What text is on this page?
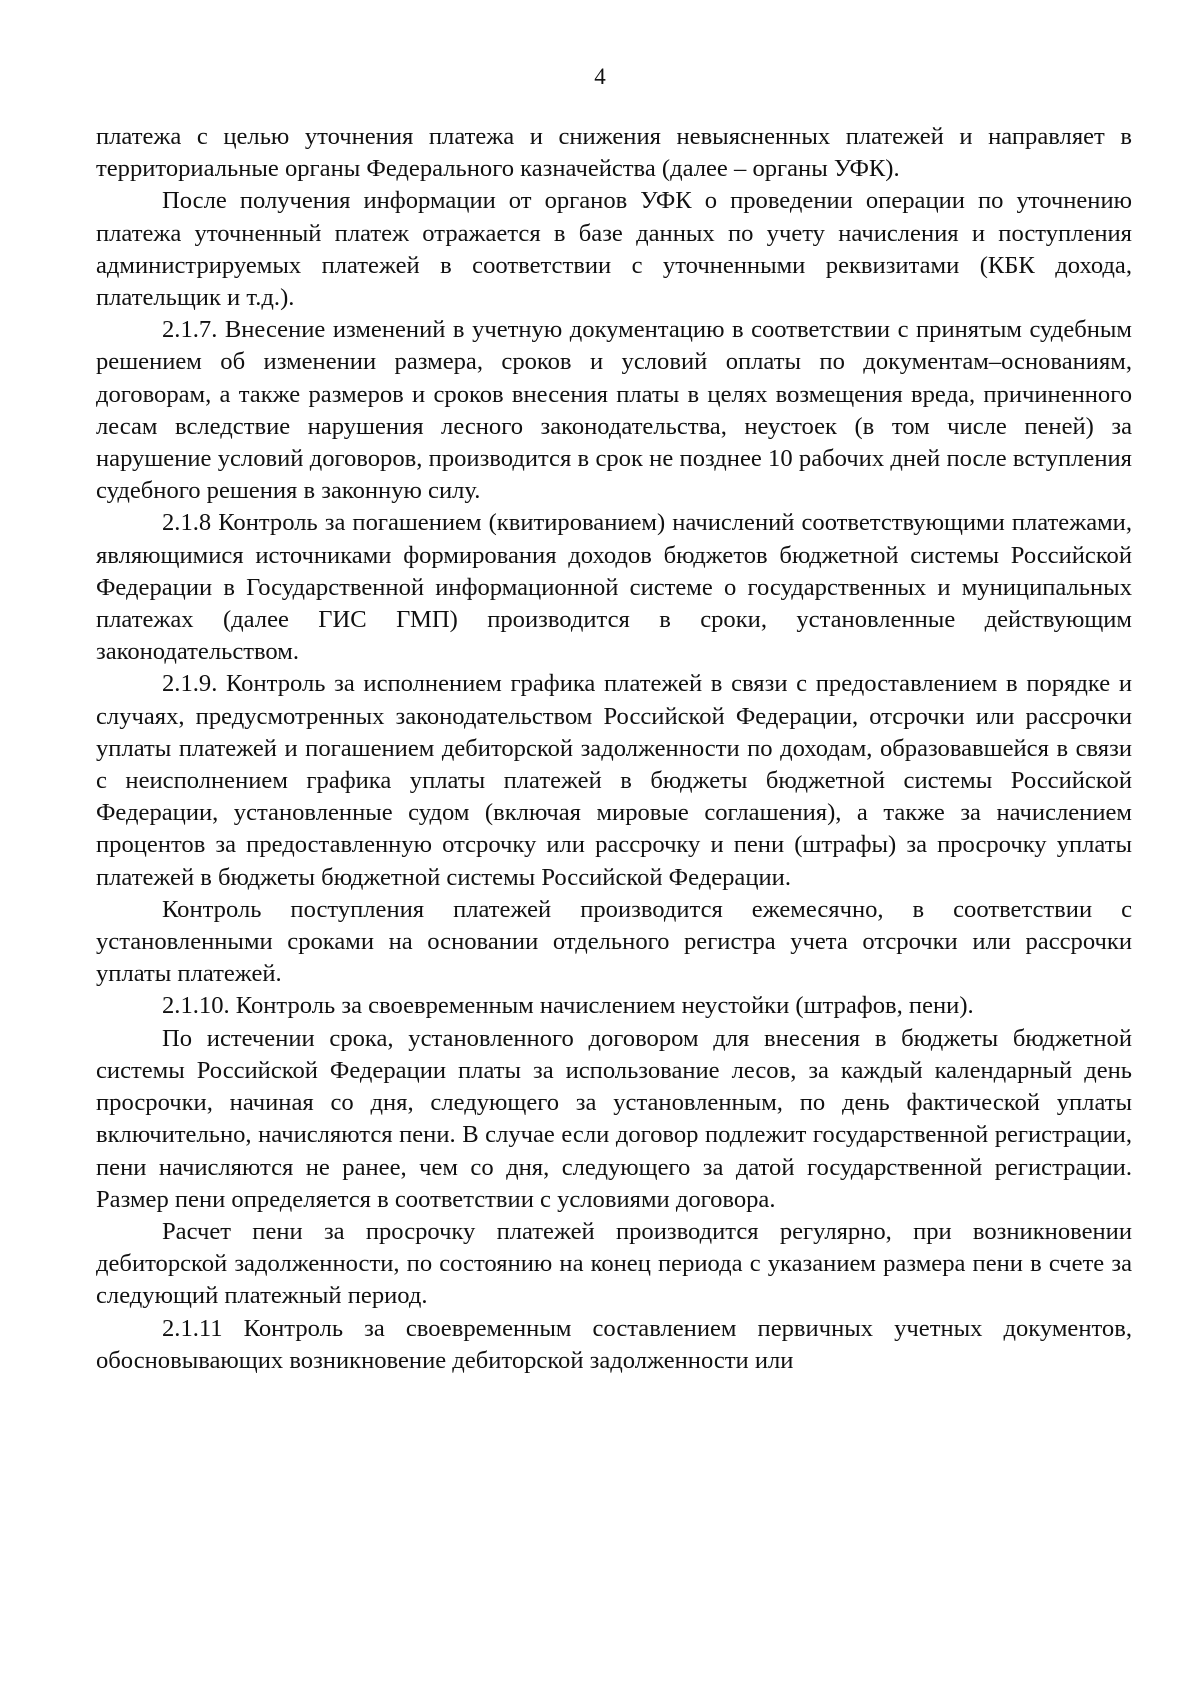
4

платежа с целью уточнения платежа и снижения невыясненных платежей и направляет в территориальные органы Федерального казначейства (далее – органы УФК).

После получения информации от органов УФК о проведении операции по уточнению платежа уточненный платеж отражается в базе данных по учету начисления и поступления администрируемых платежей в соответствии с уточненными реквизитами (КБК дохода, плательщик и т.д.).

2.1.7. Внесение изменений в учетную документацию в соответствии с принятым судебным решением об изменении размера, сроков и условий оплаты по документам–основаниям, договорам, а также размеров и сроков внесения платы в целях возмещения вреда, причиненного лесам вследствие нарушения лесного законодательства, неустоек (в том числе пеней) за нарушение условий договоров, производится в срок не позднее 10 рабочих дней после вступления судебного решения в законную силу.

2.1.8 Контроль за погашением (квитированием) начислений соответствующими платежами, являющимися источниками формирования доходов бюджетов бюджетной системы Российской Федерации в Государственной информационной системе о государственных и муниципальных платежах (далее ГИС ГМП) производится в сроки, установленные действующим законодательством.

2.1.9. Контроль за исполнением графика платежей в связи с предоставлением в порядке и случаях, предусмотренных законодательством Российской Федерации, отсрочки или рассрочки уплаты платежей и погашением дебиторской задолженности по доходам, образовавшейся в связи с неисполнением графика уплаты платежей в бюджеты бюджетной системы Российской Федерации, установленные судом (включая мировые соглашения), а также за начислением процентов за предоставленную отсрочку или рассрочку и пени (штрафы) за просрочку уплаты платежей в бюджеты бюджетной системы Российской Федерации.

Контроль поступления платежей производится ежемесячно, в соответствии с установленными сроками на основании отдельного регистра учета отсрочки или рассрочки уплаты платежей.

2.1.10. Контроль за своевременным начислением неустойки (штрафов, пени).

По истечении срока, установленного договором для внесения в бюджеты бюджетной системы Российской Федерации платы за использование лесов, за каждый календарный день просрочки, начиная со дня, следующего за установленным, по день фактической уплаты включительно, начисляются пени. В случае если договор подлежит государственной регистрации, пени начисляются не ранее, чем со дня, следующего за датой государственной регистрации. Размер пени определяется в соответствии с условиями договора.

Расчет пени за просрочку платежей производится регулярно, при возникновении дебиторской задолженности, по состоянию на конец периода с указанием размера пени в счете за следующий платежный период.

2.1.11 Контроль за своевременным составлением первичных учетных документов, обосновывающих возникновение дебиторской задолженности или
